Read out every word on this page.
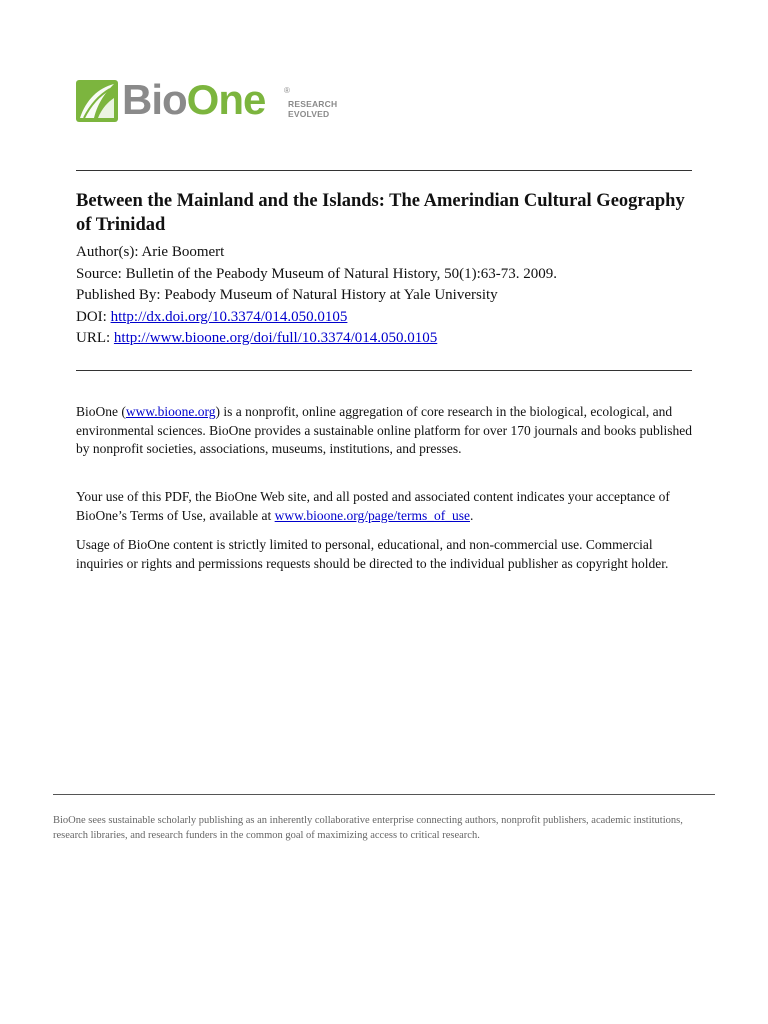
BioOne ®
RESEARCH
EVOLVED
Between the Mainland and the Islands: The Amerindian Cultural Geography of Trinidad
Author(s): Arie Boomert
Source: Bulletin of the Peabody Museum of Natural History, 50(1):63-73. 2009.
Published By: Peabody Museum of Natural History at Yale University
DOI: http://dx.doi.org/10.3374/014.050.0105
URL: http://www.bioone.org/doi/full/10.3374/014.050.0105

BioOne (www.bioone.org) is a nonprofit, online aggregation of core research in the biological, ecological, and environmental sciences. BioOne provides a sustainable online platform for over 170 journals and books published by nonprofit societies, associations, museums, institutions, and presses.

Your use of this PDF, the BioOne Web site, and all posted and associated content indicates your acceptance of BioOne’s Terms of Use, available at www.bioone.org/page/terms_of_use.

Usage of BioOne content is strictly limited to personal, educational, and non-commercial use. Commercial inquiries or rights and permissions requests should be directed to the individual publisher as copyright holder.

BioOne sees sustainable scholarly publishing as an inherently collaborative enterprise connecting authors, nonprofit publishers, academic institutions, research libraries, and research funders in the common goal of maximizing access to critical research.
